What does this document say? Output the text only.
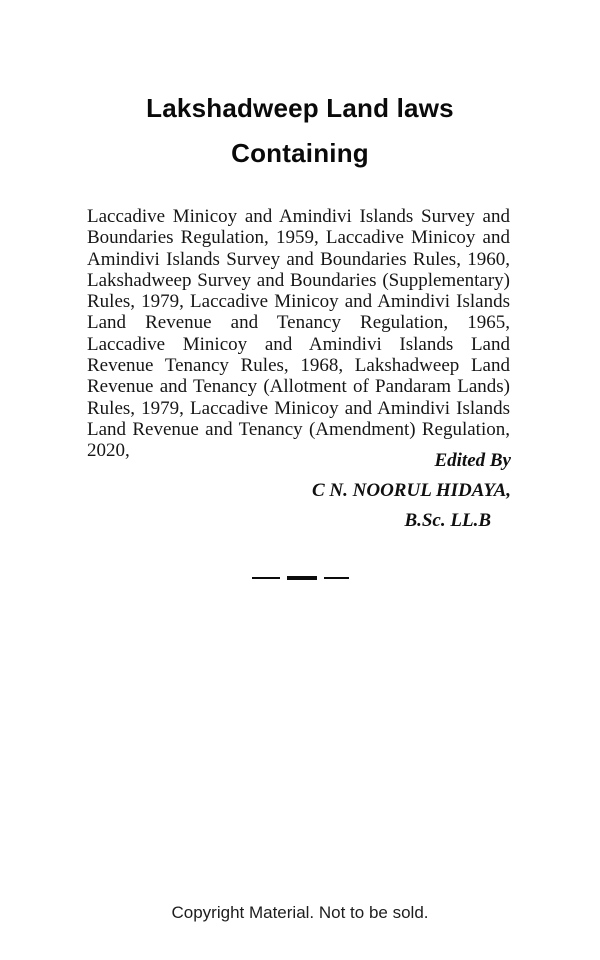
Lakshadweep Land laws
Containing

Laccadive Minicoy and Amindivi Islands Survey and Boundaries Regulation, 1959, Laccadive Minicoy and Amindivi Islands Survey and Boundaries Rules, 1960, Lakshadweep Survey and Boundaries (Supplementary) Rules, 1979, Laccadive Minicoy and Amindivi Islands Land Revenue and Tenancy Regulation, 1965, Laccadive Minicoy and Amindivi Islands Land Revenue Tenancy Rules, 1968, Lakshadweep Land Revenue and Tenancy (Allotment of Pandaram Lands) Rules, 1979, Laccadive Minicoy and Amindivi Islands Land Revenue and Tenancy (Amendment) Regulation, 2020,	Edited By
C N. NOORUL HIDAYA,
B.Sc. LL.B

Copyright Material. Not to be sold.
